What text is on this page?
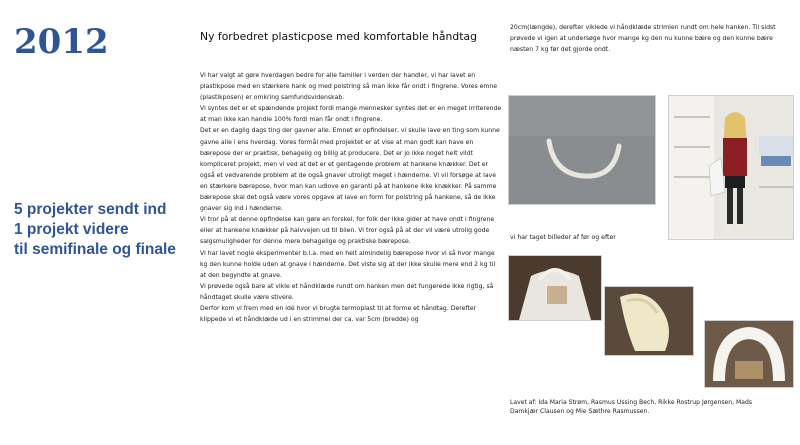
2012
5 projekter sendt ind
1 projekt videre
til semifinale og finale
Ny forbedret plasticpose med komfortable håndtag

Vi har valgt at gøre hverdagen bedre for alle familier i verden der handler, vi har lavet en plastikpose med en stærkere hank og med polstring så man ikke får ondt i fingrene. Vores emne (plastikposen) er omkring samfundsvidenskab.

Vi syntes det er et spændende projekt fordi mange mennesker syntes det er en meget irriterende at man ikke kan handle 100% fordi man får ondt i fingrene.

Det er en daglig dags ting der gavner alle. Emnet er opfindelser, vi skulle lave en ting som kunne gavne alle i ens hverdag. Vores formål med projektet er at vise at man godt kan have en bærepose der er praktisk, behagelig og billig at producere. Det er jo ikke noget helt vildt kompliceret projekt, men vi ved at det er et gentagende problem at hankene knækker. Det er også et vedvarende problem at de også gnaver utroligt meget i hænderne. Vi vil forsøge at lave en stærkere bærepose, hvor man kan udlove en garanti på at hankene ikke knækker. På samme bærepose skal det også være vores opgave at lave en form for polstring på hankene, så de ikke gnaver sig ind i hænderne.

Vi tror på at denne opfindelse kan gøre en forskel, for folk der ikke gider at have ondt i fingrene eller at hankene knækker på halvvejen ud til bilen. Vi tror også på at der vil være utrolig gode salgsmuligheder for denne mere behagelige og praktiske bærepose.

Vi har lavet nogle eksperimenter b.l.a. med en helt almindelig bærepose hvor vi så hvor mange kg den kunne holde uden at gnave i hænderne. Det viste sig at der ikke skulle mere end 2 kg til at den begyndte at gnave.

Vi prøvede også bare at vikle et håndklæde rundt om hanken men det fungerede ikke rigtig, så håndtaget skulle være stivere.

Derfor kom vi frem med en idé hvor vi brugte termoplast til at forme et håndtag. Derefter klippede vi et håndklæde ud i en strimmel der ca. var 5cm (bredde) og

20cm(længde), derefter viklede vi håndklæde strimlen rundt om hele hanken. Til sidst prøvede vi igen at undersøge hvor mange kg den nu kunne bære og den kunne bære næsten 7 kg før det gjorde ondt.
vi har taget billeder af før og efter
Lavet af: Ida Maria Strøm, Rasmus Ussing Bech, Rikke Rostrup Jørgensen, Mads Damkjær Clausen og Mie Sæthre Rasmussen.
